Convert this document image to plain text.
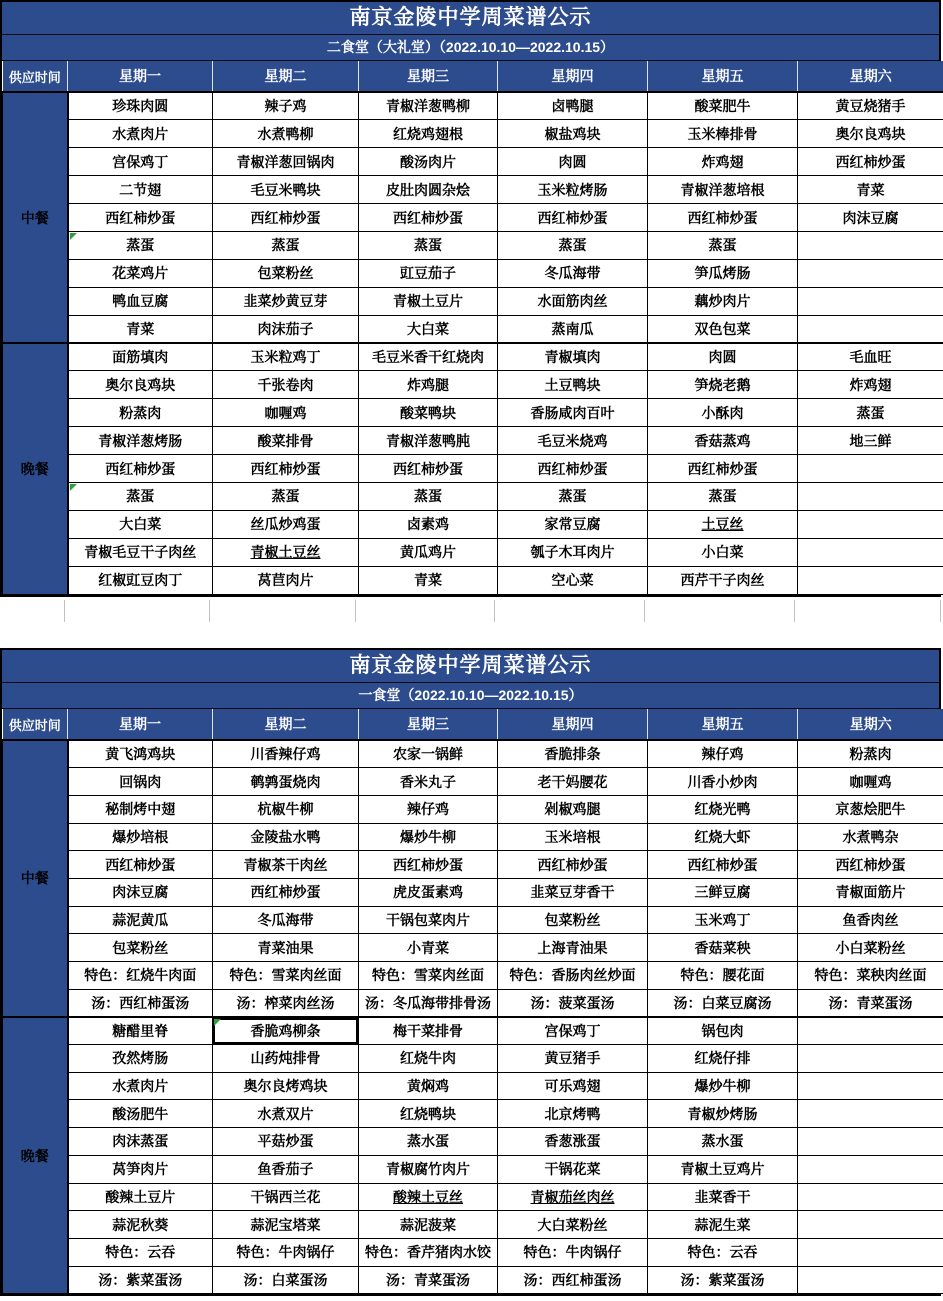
南京金陵中学周菜谱公示
二食堂（大礼堂）（2022.10.10—2022.10.15）
供应时间	星期一	星期二	星期三	星期四	星期五	星期六
中餐	珍珠肉圆	辣子鸡	青椒洋葱鸭柳	卤鸭腿	酸菜肥牛	黄豆烧猪手
	水煮肉片	水煮鸭柳	红烧鸡翅根	椒盐鸡块	玉米棒排骨	奥尔良鸡块
	宫保鸡丁	青椒洋葱回锅肉	酸汤肉片	肉圆	炸鸡翅	西红柿炒蛋
	二节翅	毛豆米鸭块	皮肚肉圆杂烩	玉米粒烤肠	青椒洋葱培根	青菜
	西红柿炒蛋	西红柿炒蛋	西红柿炒蛋	西红柿炒蛋	西红柿炒蛋	肉沫豆腐
	蒸蛋	蒸蛋	蒸蛋	蒸蛋	蒸蛋	
	花菜鸡片	包菜粉丝	豇豆茄子	冬瓜海带	笋瓜烤肠	
	鸭血豆腐	韭菜炒黄豆芽	青椒土豆片	水面筋肉丝	藕炒肉片	
	青菜	肉沫茄子	大白菜	蒸南瓜	双色包菜	
晚餐	面筋填肉	玉米粒鸡丁	毛豆米香干红烧肉	青椒填肉	肉圆	毛血旺
	奥尔良鸡块	千张卷肉	炸鸡腿	土豆鸭块	笋烧老鹅	炸鸡翅
	粉蒸肉	咖喱鸡	酸菜鸭块	香肠咸肉百叶	小酥肉	蒸蛋
	青椒洋葱烤肠	酸菜排骨	青椒洋葱鸭肫	毛豆米烧鸡	香菇蒸鸡	地三鲜
	西红柿炒蛋	西红柿炒蛋	西红柿炒蛋	西红柿炒蛋	西红柿炒蛋	
	蒸蛋	蒸蛋	蒸蛋	蒸蛋	蒸蛋	
	大白菜	丝瓜炒鸡蛋	卤素鸡	家常豆腐	土豆丝	
	青椒毛豆干子肉丝	青椒土豆丝	黄瓜鸡片	瓠子木耳肉片	小白菜	
	红椒豇豆肉丁	莴苣肉片	青菜	空心菜	西芹干子肉丝	
南京金陵中学周菜谱公示
一食堂（2022.10.10—2022.10.15）
供应时间	星期一	星期二	星期三	星期四	星期五	星期六
中餐	黄飞鸿鸡块	川香辣仔鸡	农家一锅鲜	香脆排条	辣仔鸡	粉蒸肉
	回锅肉	鹌鹑蛋烧肉	香米丸子	老干妈腰花	川香小炒肉	咖喱鸡
	秘制烤中翅	杭椒牛柳	辣仔鸡	剁椒鸡腿	红烧光鸭	京葱烩肥牛
	爆炒培根	金陵盐水鸭	爆炒牛柳	玉米培根	红烧大虾	水煮鸭杂
	西红柿炒蛋	青椒茶干肉丝	西红柿炒蛋	西红柿炒蛋	西红柿炒蛋	西红柿炒蛋
	肉沫豆腐	西红柿炒蛋	虎皮蛋素鸡	韭菜豆芽香干	三鲜豆腐	青椒面筋片
	蒜泥黄瓜	冬瓜海带	干锅包菜肉片	包菜粉丝	玉米鸡丁	鱼香肉丝
	包菜粉丝	青菜油果	小青菜	上海青油果	香菇菜秧	小白菜粉丝
	特色：红烧牛肉面	特色：雪菜肉丝面	特色：雪菜肉丝面	特色：香肠肉丝炒面	特色：腰花面	特色：菜秧肉丝面
	汤：西红柿蛋汤	汤：榨菜肉丝汤	汤：冬瓜海带排骨汤	汤：菠菜蛋汤	汤：白菜豆腐汤	汤：青菜蛋汤
晚餐	糖醋里脊	香脆鸡柳条	梅干菜排骨	宫保鸡丁	锅包肉	
	孜然烤肠	山药炖排骨	红烧牛肉	黄豆猪手	红烧仔排	
	水煮肉片	奥尔良烤鸡块	黄焖鸡	可乐鸡翅	爆炒牛柳	
	酸汤肥牛	水煮双片	红烧鸭块	北京烤鸭	青椒炒烤肠	
	肉沫蒸蛋	平菇炒蛋	蒸水蛋	香葱涨蛋	蒸水蛋	
	莴笋肉片	鱼香茄子	青椒腐竹肉片	干锅花菜	青椒土豆鸡片	
	酸辣土豆片	干锅西兰花	酸辣土豆丝	青椒茄丝肉丝	韭菜香干	
	蒜泥秋葵	蒜泥宝塔菜	蒜泥菠菜	大白菜粉丝	蒜泥生菜	
	特色：云吞	特色：牛肉锅仔	特色：香芹猪肉水饺	特色：牛肉锅仔	特色：云吞	
	汤：紫菜蛋汤	汤：白菜蛋汤	汤：青菜蛋汤	汤：西红柿蛋汤	汤：紫菜蛋汤	
